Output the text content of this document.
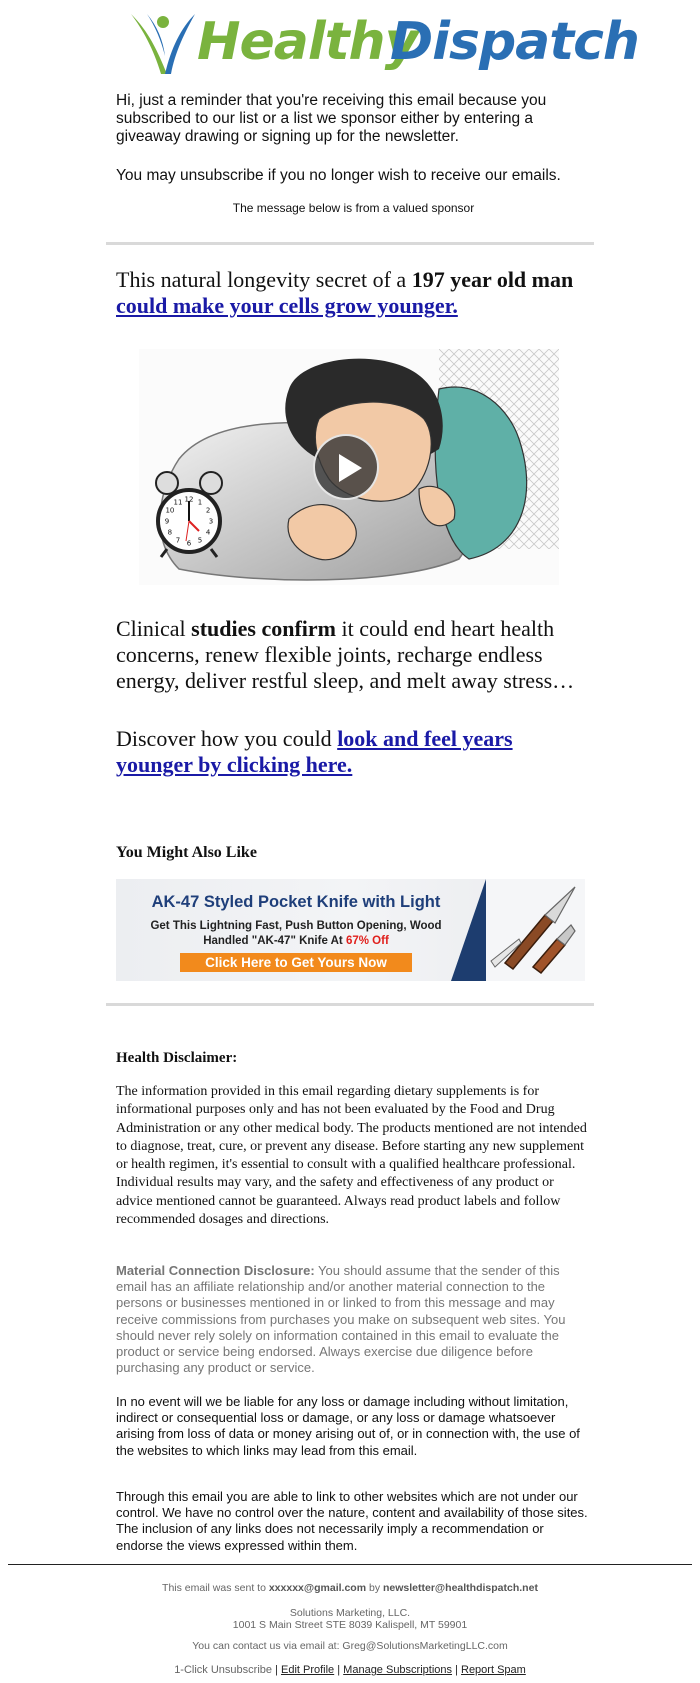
Healthy
Dispatch
Hi, just a reminder that you're receiving this email because you subscribed to our list or a list we sponsor either by entering a giveaway drawing or signing up for the newsletter.
You may unsubscribe if you no longer wish to receive our emails.
The message below is from a valued sponsor
This natural longevity secret of a 197 year old man
could make your cells grow younger.
12 1
2
3
4
5
6
7
8
9
10
11
Clinical studies confirm it could end heart health concerns, renew flexible joints, recharge endless energy, deliver restful sleep, and melt away stress…
Discover how you could look and feel years younger by clicking here.
You Might Also Like
AK-47 Styled Pocket Knife with Light
Get This Lightning Fast, Push Button Opening, Wood
Handled "AK-47" Knife At 67% Off
Click Here to Get Yours Now
Health Disclaimer:
The information provided in this email regarding dietary supplements is for informational purposes only and has not been evaluated by the Food and Drug Administration or any other medical body. The products mentioned are not intended to diagnose, treat, cure, or prevent any disease. Before starting any new supplement or health regimen, it's essential to consult with a qualified healthcare professional. Individual results may vary, and the safety and effectiveness of any product or advice mentioned cannot be guaranteed. Always read product labels and follow recommended dosages and directions.
Material Connection Disclosure: You should assume that the sender of this email has an affiliate relationship and/or another material connection to the persons or businesses mentioned in or linked to from this message and may receive commissions from purchases you make on subsequent web sites. You should never rely solely on information contained in this email to evaluate the product or service being endorsed. Always exercise due diligence before purchasing any product or service.
In no event will we be liable for any loss or damage including without limitation, indirect or consequential loss or damage, or any loss or damage whatsoever arising from loss of data or money arising out of, or in connection with, the use of the websites to which links may lead from this email.
Through this email you are able to link to other websites which are not under our control. We have no control over the nature, content and availability of those sites. The inclusion of any links does not necessarily imply a recommendation or endorse the views expressed within them.
This email was sent to xxxxxx@gmail.com by newsletter@healthdispatch.net
Solutions Marketing, LLC.
1001 S Main Street STE 8039 Kalispell, MT 59901
You can contact us via email at: Greg@SolutionsMarketingLLC.com
1-Click Unsubscribe | Edit Profile | Manage Subscriptions | Report Spam
